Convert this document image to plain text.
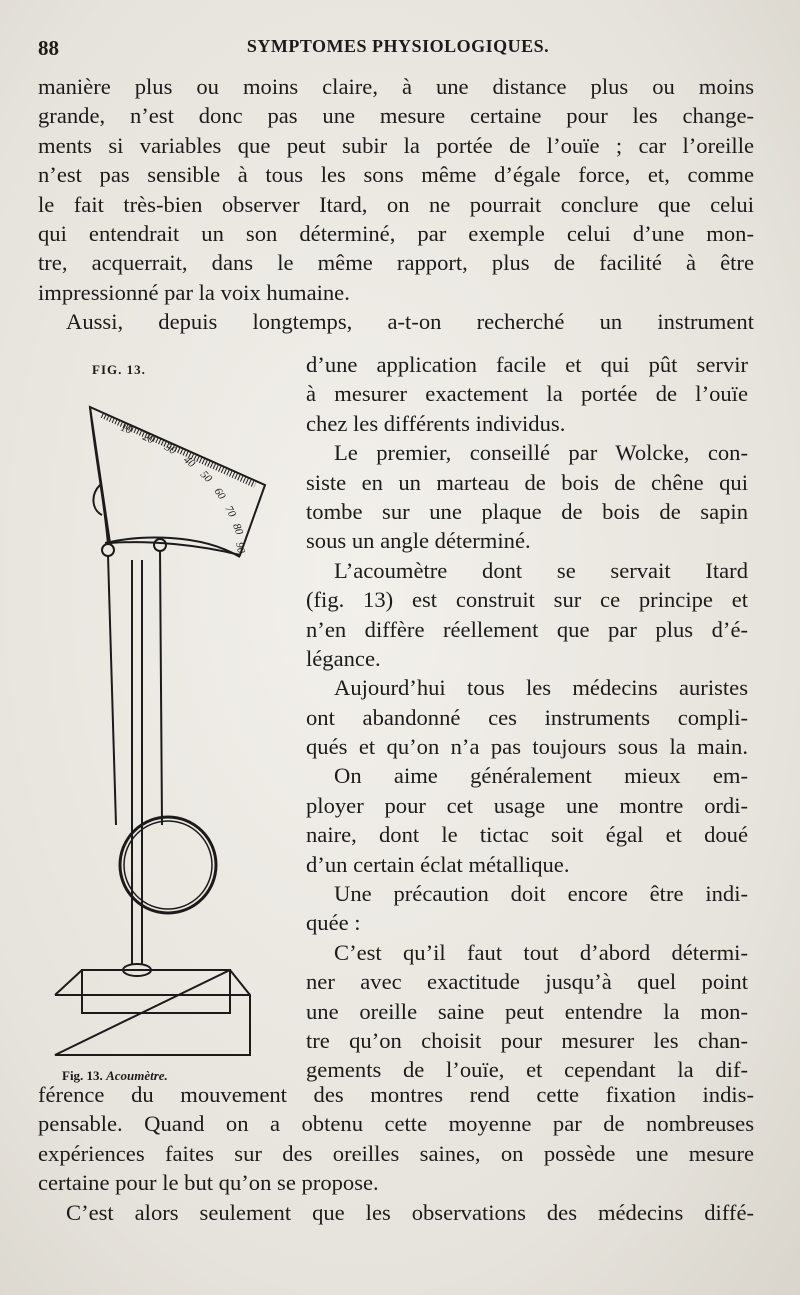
88	SYMPTOMES PHYSIOLOGIQUES.
manière plus ou moins claire, à une distance plus ou moins
grande, n’est donc pas une mesure certaine pour les change-
ments si variables que peut subir la portée de l’ouïe ; car l’oreille
n’est pas sensible à tous les sons même d’égale force, et, comme
le fait très-bien observer Itard, on ne pourrait conclure que celui
qui entendrait un son déterminé, par exemple celui d’une mon-
tre, acquerrait, dans le même rapport, plus de facilité à être
impressionné par la voix humaine.
Aussi, depuis longtemps, a-t-on recherché un instrument
FIG. 13.
10
20
30
40
50
60
70
80
90
d’une application facile et qui pût servir
à mesurer exactement la portée de l’ouïe
chez les différents individus.
Le premier, conseillé par Wolcke, con-
siste en un marteau de bois de chêne qui
tombe sur une plaque de bois de sapin
sous un angle déterminé.
L’acoumètre dont se servait Itard
(fig. 13) est construit sur ce principe et
n’en diffère réellement que par plus d’é-
légance.
Aujourd’hui tous les médecins auristes
ont abandonné ces instruments compli-
qués et qu’on n’a pas toujours sous la main.
On aime généralement mieux em-
ployer pour cet usage une montre ordi-
naire, dont le tictac soit égal et doué
d’un certain éclat métallique.
Une précaution doit encore être indi-
quée :
C’est qu’il faut tout d’abord détermi-
ner avec exactitude jusqu’à quel point
une oreille saine peut entendre la mon-
tre qu’on choisit pour mesurer les chan-
gements de l’ouïe, et cependant la dif-
Fig. 13. Acoumètre.
férence du mouvement des montres rend cette fixation indis-
pensable. Quand on a obtenu cette moyenne par de nombreuses
expériences faites sur des oreilles saines, on possède une mesure
certaine pour le but qu’on se propose.
C’est alors seulement que les observations des médecins diffé-
